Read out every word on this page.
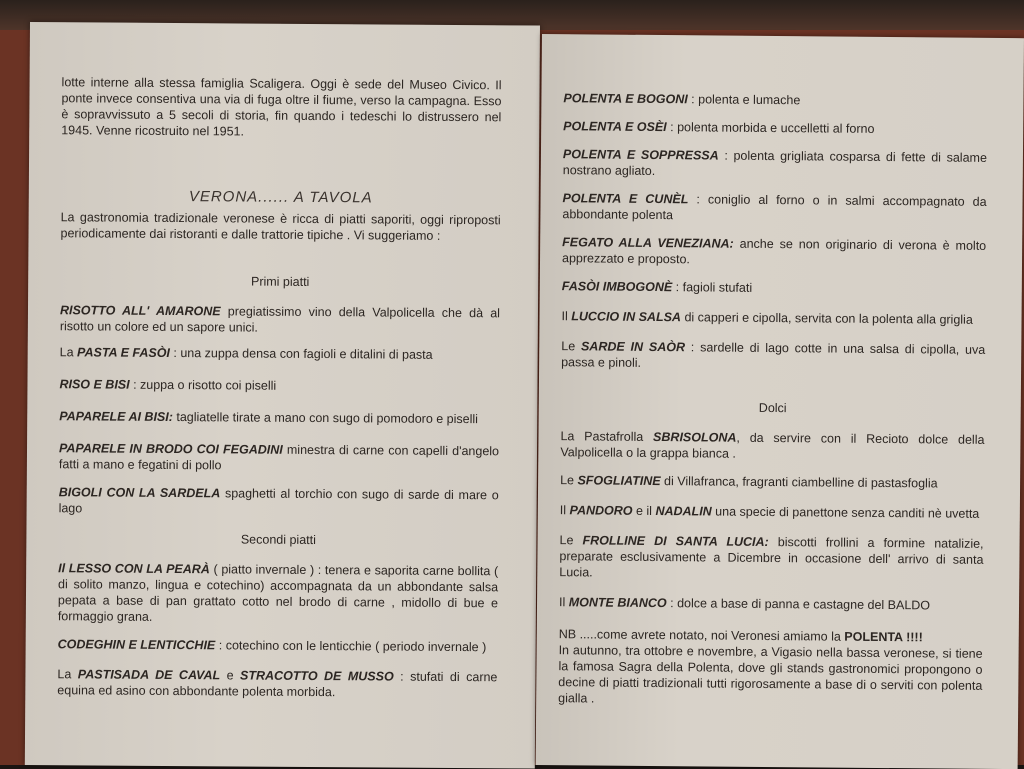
lotte interne alla stessa famiglia Scaligera. Oggi è sede del Museo Civico. Il ponte invece consentiva una via di fuga oltre il fiume, verso la campagna. Esso è sopravvissuto a 5 secoli di storia, fin quando i tedeschi lo distrussero nel 1945. Venne ricostruito nel 1951.

VERONA...... A TAVOLA

La gastronomia tradizionale veronese è ricca di piatti saporiti, oggi riproposti periodicamente dai ristoranti e dalle trattorie tipiche . Vi suggeriamo :

Primi piatti

RISOTTO ALL' AMARONE pregiatissimo vino della Valpolicella che dà al risotto un colore ed un sapore unici.

La PASTA E FASÒI : una zuppa densa con fagioli e ditalini di pasta

RISO E BISI : zuppa o risotto coi piselli

PAPARELE AI BISI: tagliatelle tirate a mano con sugo di pomodoro e piselli

PAPARELE IN BRODO COI FEGADINI minestra di carne con capelli d'angelo fatti a mano e fegatini di pollo

BIGOLI CON LA SARDELA spaghetti al torchio con sugo di sarde di mare o lago

Secondi piatti

Il LESSO CON LA PEARÀ ( piatto invernale ) : tenera e saporita carne bollita ( di solito manzo, lingua e cotechino) accompagnata da un abbondante salsa pepata a base di pan grattato cotto nel brodo di carne , midollo di bue e formaggio grana.

CODEGHIN E LENTICCHIE : cotechino con le lenticchie ( periodo invernale )

La PASTISADA DE CAVAL e STRACOTTO DE MUSSO : stufati di carne equina ed asino con abbondante polenta morbida.

POLENTA E BOGONI : polenta e lumache

POLENTA E OSÈI : polenta morbida e uccelletti al forno

POLENTA E SOPPRESSA : polenta grigliata cosparsa di fette di salame nostrano agliato.

POLENTA E CUNÈL : coniglio al forno o in salmi accompagnato da abbondante polenta

FEGATO ALLA VENEZIANA: anche se non originario di verona è molto apprezzato e proposto.

FASÒI IMBOGONÈ : fagioli stufati

Il LUCCIO IN SALSA di capperi e cipolla, servita con la polenta alla griglia

Le SARDE IN SAÒR : sardelle di lago cotte in una salsa di cipolla, uva passa e pinoli.

Dolci

La Pastafrolla SBRISOLONA, da servire con il Recioto dolce della Valpolicella o la grappa bianca .

Le SFOGLIATINE di Villafranca, fragranti ciambelline di pastasfoglia

Il PANDORO e il NADALIN una specie di panettone senza canditi nè uvetta

Le FROLLINE DI SANTA LUCIA: biscotti frollini a formine natalizie, preparate esclusivamente a Dicembre in occasione dell' arrivo di santa Lucia.

Il MONTE BIANCO : dolce a base di panna e castagne del BALDO

NB .....come avrete notato, noi Veronesi amiamo la POLENTA !!!!

In autunno, tra ottobre e novembre, a Vigasio nella bassa veronese, si tiene la famosa Sagra della Polenta, dove gli stands gastronomici propongono o decine di piatti tradizionali tutti rigorosamente a base di o serviti con polenta gialla .
